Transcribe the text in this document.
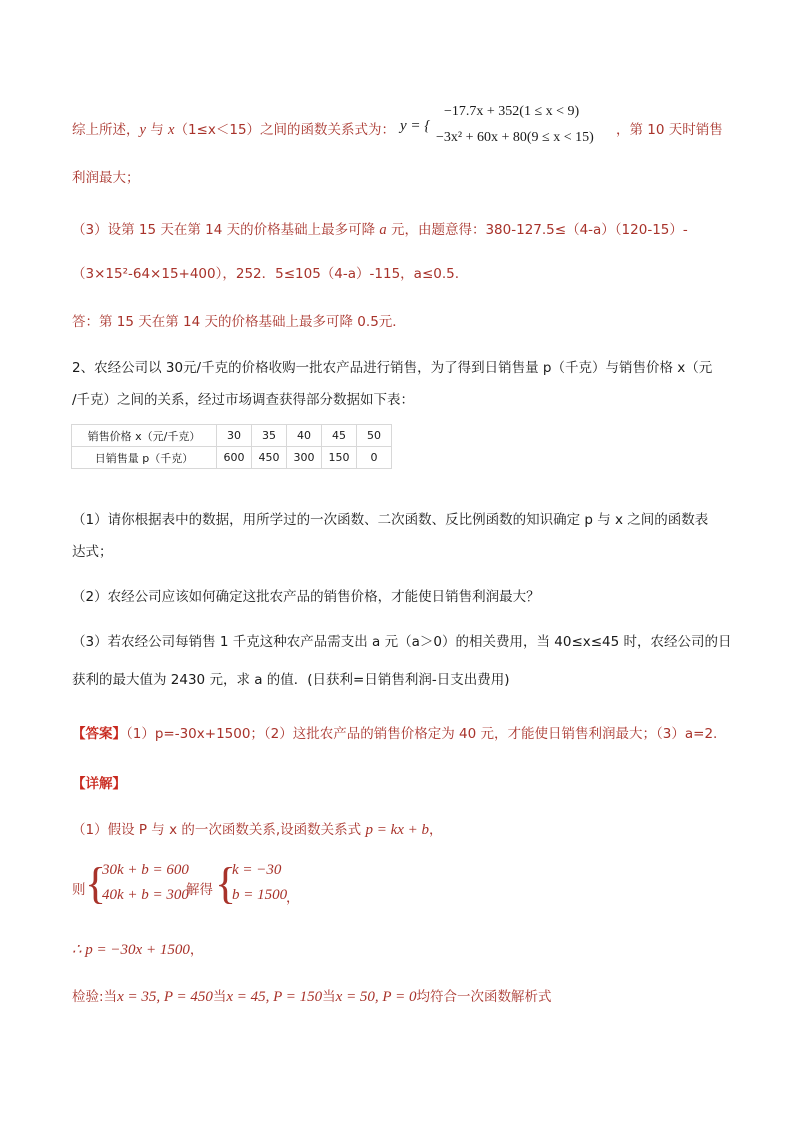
综上所述，y 与 x（1≤x＜15）之间的函数关系式为： y = {
−17.7x + 352(1 ≤ x < 9)
−3x² + 60x + 80(9 ≤ x < 15) ，第 10 天时销售
利润最大；
（3）设第 15 天在第 14 天的价格基础上最多可降 a 元，由题意得：380-127.5≤（4-a）（120-15）-
（3×15²-64×15+400），252．5≤105（4-a）-115，a≤0.5.
答：第 15 天在第 14 天的价格基础上最多可降 0.5元．
2、农经公司以 30元/千克的价格收购一批农产品进行销售，为了得到日销售量 p（千克）与销售价格 x（元
/千克）之间的关系，经过市场调查获得部分数据如下表：
销售价格 x（元/千克）	30	35	40	45	50
日销售量 p（千克）	600	450	300	150	0
（1）请你根据表中的数据，用所学过的一次函数、二次函数、反比例函数的知识确定 p 与 x 之间的函数表
达式；
（2）农经公司应该如何确定这批农产品的销售价格，才能使日销售利润最大？
（3）若农经公司每销售 1 千克这种农产品需支出 a 元（a＞0）的相关费用，当 40≤x≤45 时，农经公司的日
获利的最大值为 2430 元，求 a 的值．(日获利=日销售利润-日支出费用)
【答案】（1）p=-30x+1500；（2）这批农产品的销售价格定为 40 元，才能使日销售利润最大；（3）a=2.
【详解】
（1）假设 P 与 x 的一次函数关系,设函数关系式 p = kx + b，
则 {
30k + b = 600
40k + b = 300
解得 {
k = −30
b = 1500
，
∴ p = −30x + 1500，
检验:当x = 35, P = 450当x = 45, P = 150当x = 50, P = 0均符合一次函数解析式
